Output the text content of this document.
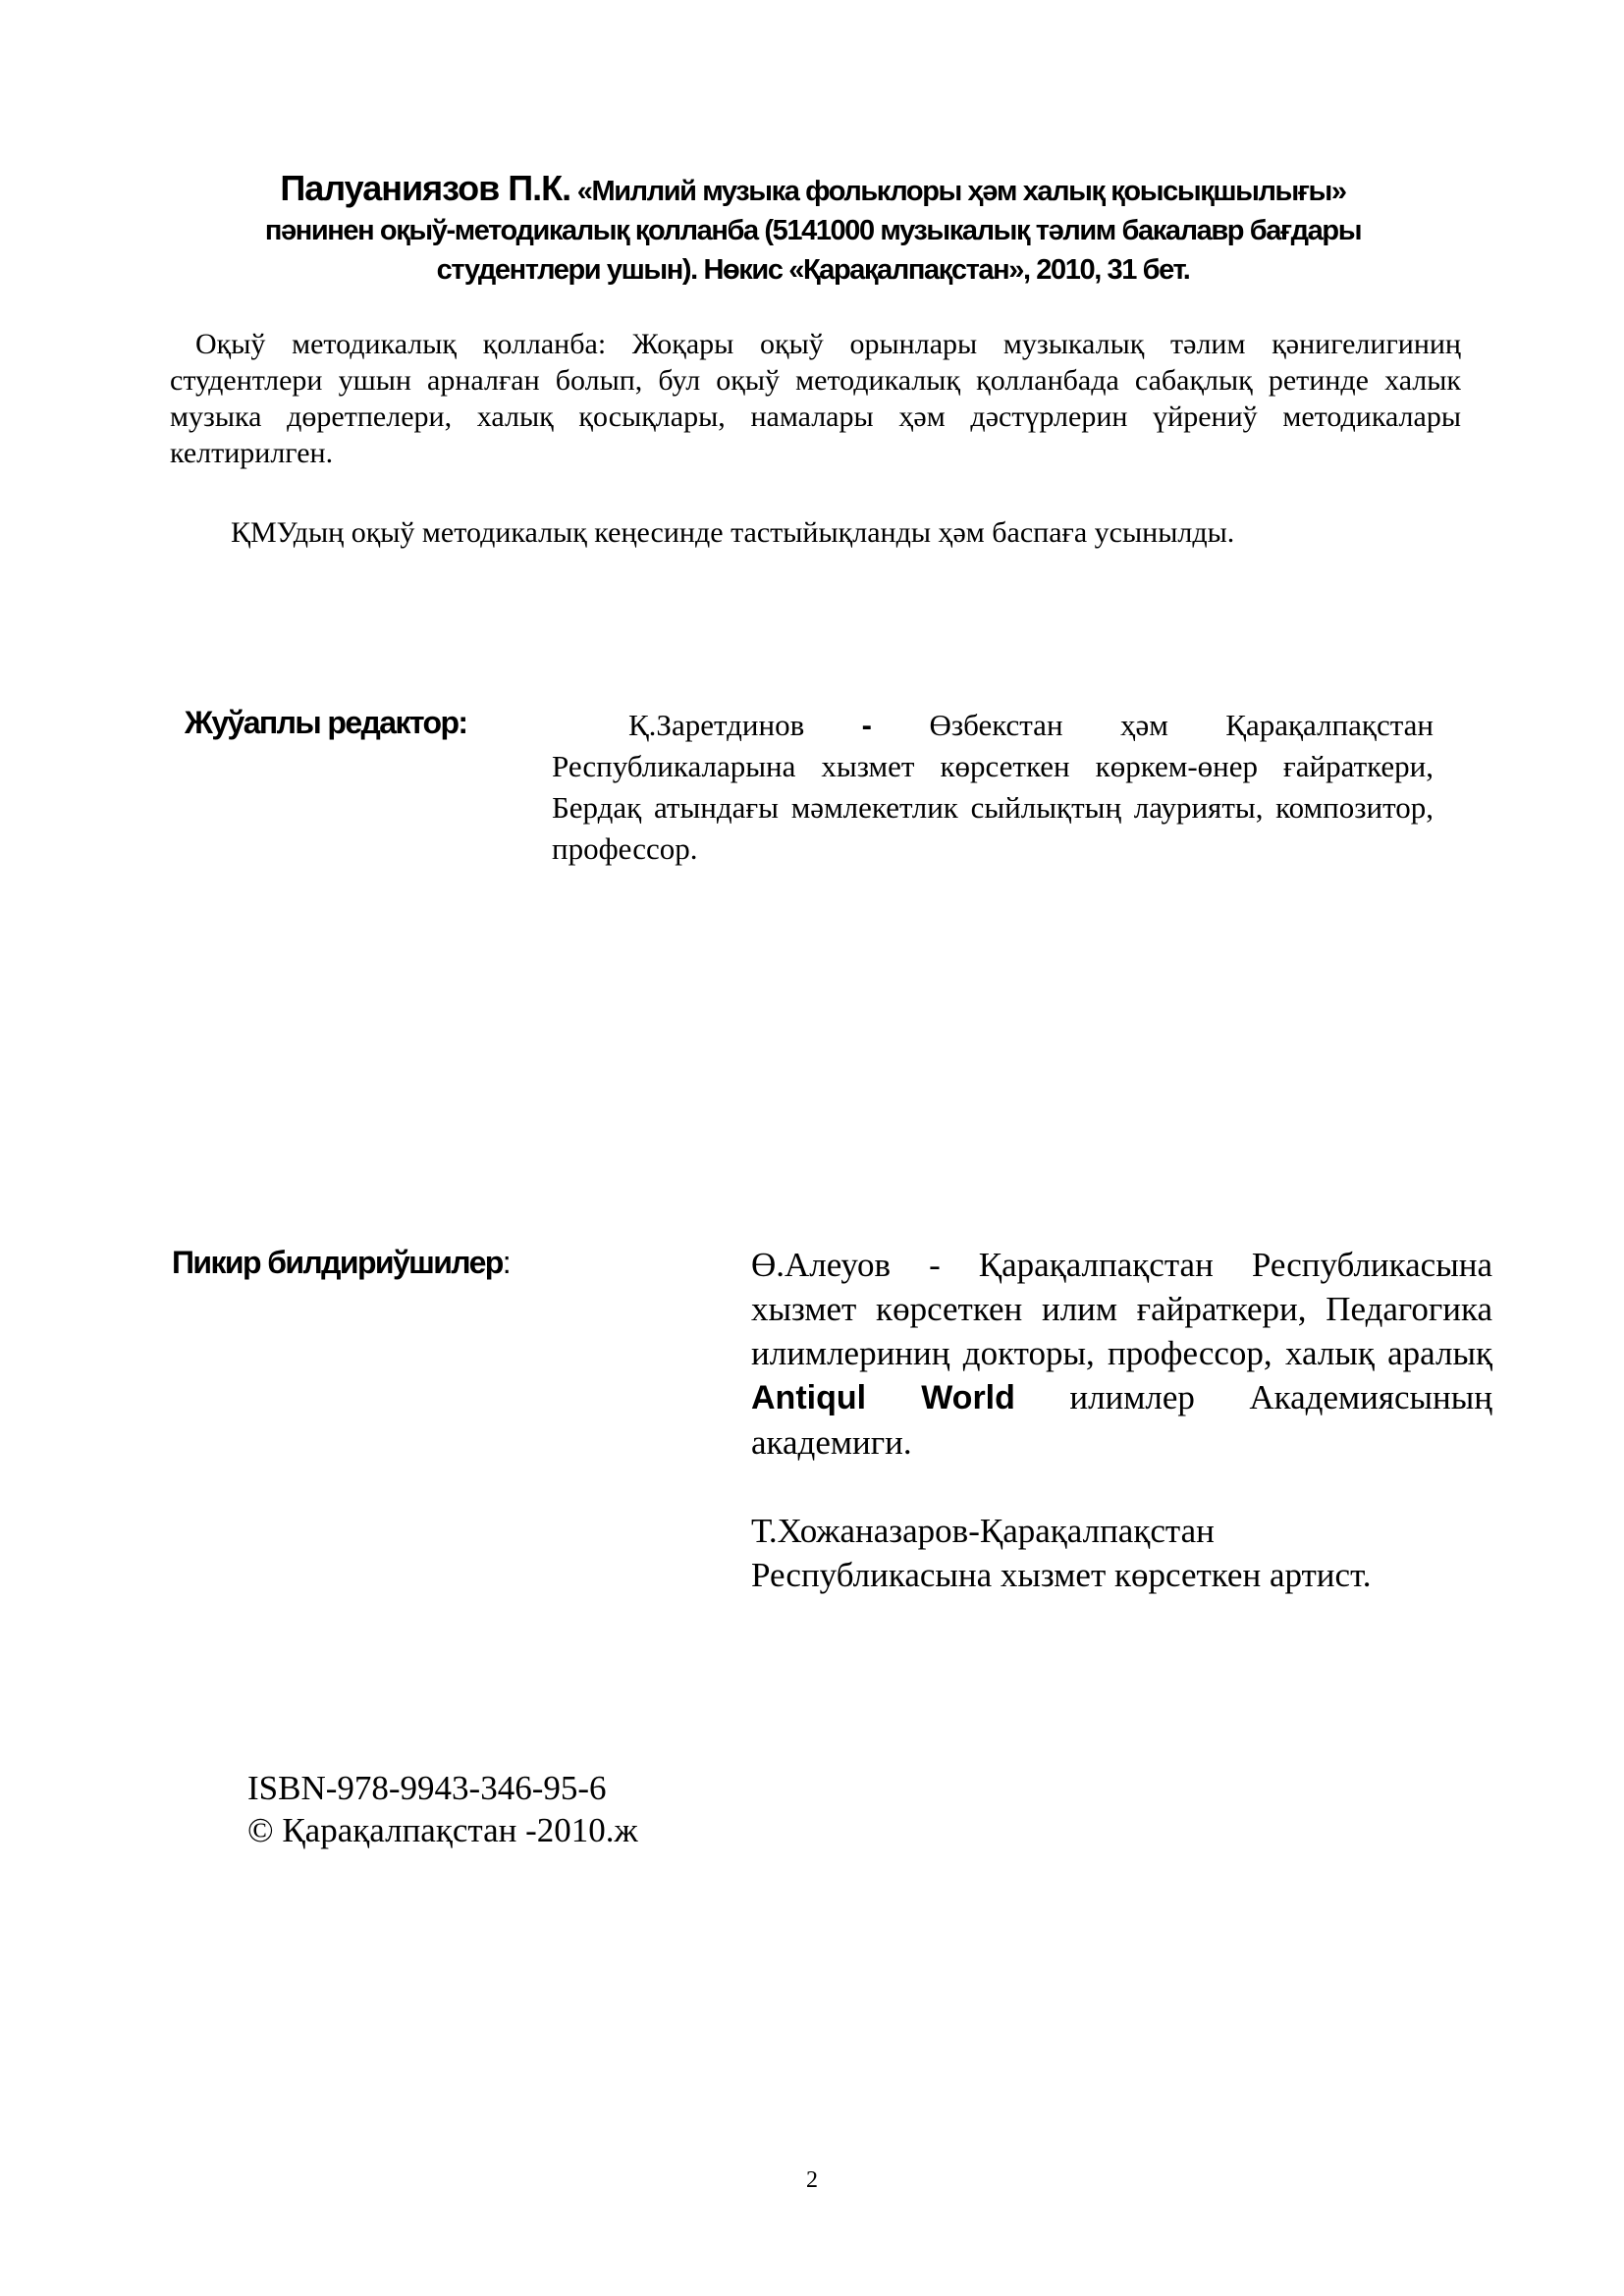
Палуаниязов П.К. «Миллий музыка фольклоры ҳәм халық қоысықшылығы»
пәнинен оқыў-методикалық қолланба (5141000 музыкалық тәлим бакалавр бағдары
студентлери ушын). Нөкис «Қарақалпақстан», 2010, 31 бет.

Оқыў методикалық қолланба: Жоқары оқыў орынлары музыкалық тәлим қәнигелигиниң студентлери ушын арналған болып, бул оқыў методикалық қолланбада сабақлық ретинде халык музыка дөретпелери, халық қосықлары, намалары ҳәм дәстүрлерин үйрениў методикалары келтирилген.

ҚМУдың оқыў методикалық кеңесинде тастыйықланды ҳәм баспаға усынылды.

Жуўаплы редактор:	Қ.Заретдинов - Өзбекстан ҳәм Қарақалпақстан Республикаларына хызмет көрсеткен көркем-өнер ғайраткери, Бердақ атындағы мәмлекетлик сыйлықтың лаурияты, композитор, профессор.

Пикир билдириўшилер:	Ө.Алеуов - Қарақалпақстан Республикасына хызмет көрсеткен илим ғайраткери, Педагогика илимлериниң докторы, профессор, халық аралық Antiqul World илимлер Академиясының академиги.

Т.Хожаназаров-Қарақалпақстан
Республикасына хызмет көрсеткен артист.
ISBN-978-9943-346-95-6
© Қарақалпақстан -2010.ж
2
